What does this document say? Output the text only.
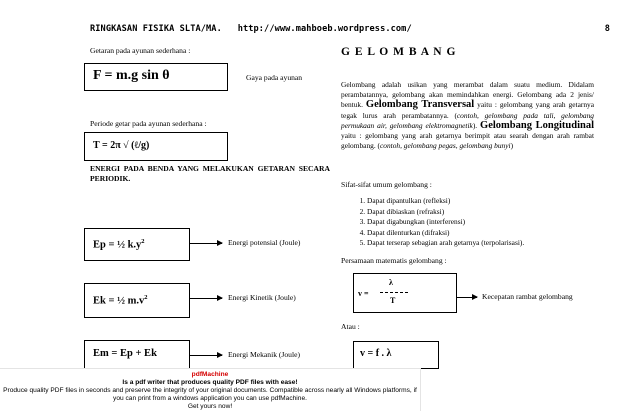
RINGKASAN FISIKA SLTA/MA. http://www.mahboeb.wordpress.com/	8
Getaran pada ayunan sederhana :
F = m.g sin θ	Gaya pada ayunan
Periode getar pada ayunan sederhana :
T = 2π √ (ℓ/g)
ENERGI PADA BENDA YANG MELAKUKAN GETARAN SECARA PERIODIK.
Ep = ½ $k.y^2$	Energi potensial (Joule)
Ek = ½ $m.v^2$	Energi Kinetik (Joule)
Em = Ep + Ek	Energi Mekanik (Joule)
G E L O M B A N G
Gelombang adalah usikan yang merambat dalam suatu medium. Didalam perambatannya, gelombang akan memindahkan energi. Gelombang ada 2 jenis/ bentuk. Gelombang Transversal yaitu : gelombang yang arah getarnya tegak lurus arah perambatannya. (contoh, gelombang pada tali, gelombang permukaan air, gelombang elektromagnetik). Gelombang Longitudinal yaitu : gelombang yang arah getarnya berimpit atau searah dengan arah rambat gelombang. (contoh, gelombang pegas, gelombang bunyi)
Sifat-sifat umum gelombang :
1. Dapat dipantulkan (refleksi)
2. Dapat dibiaskan (refraksi)
3. Dapat digabungkan (interferensi)
4. Dapat dilenturkan (difraksi)
5. Dapat terserap sebagian arah getarnya (terpolarisasi).
Persamaan matematis gelombang :
v =
λ
T	Kecepatan rambat gelombang
Atau :
v = f . λ
pdfMachine
Is a pdf writer that produces quality PDF files with ease!
Produce quality PDF files in seconds and preserve the integrity of your original documents. Compatible across nearly all Windows platforms, if you can print from a windows application you can use pdfMachine.
Get yours now!
